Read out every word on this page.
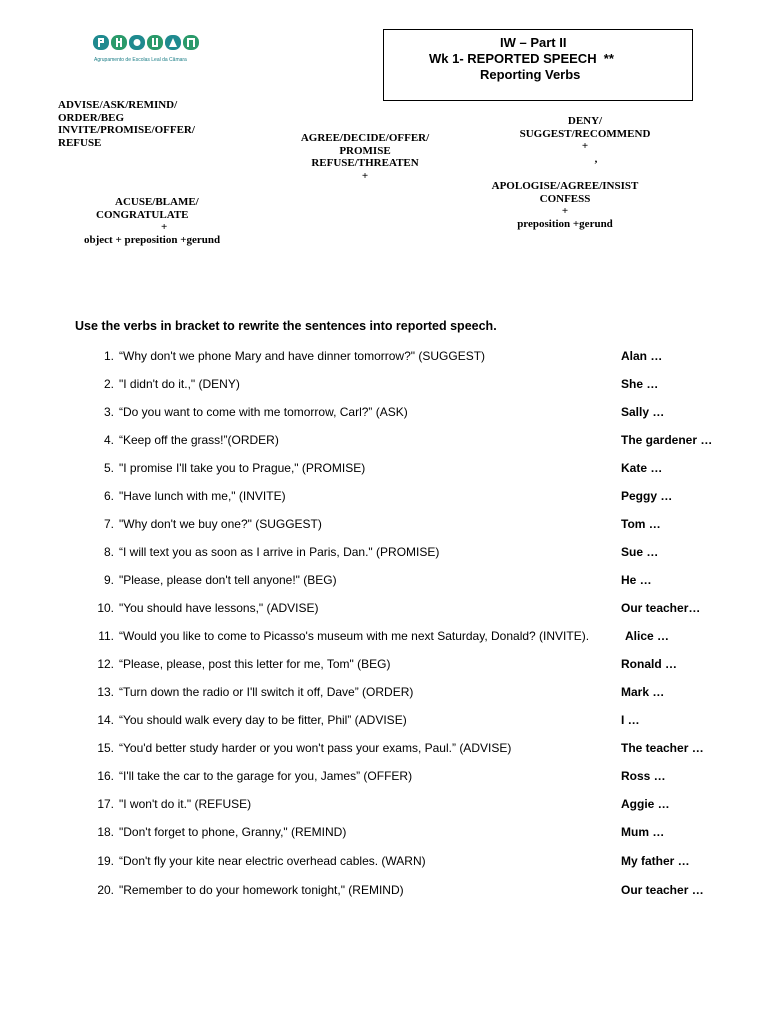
Agrupamento de Escolas Leal da Câmara
IW – Part II
Wk 1- REPORTED SPEECH  **
Reporting Verbs
ADVISE/ASK/REMIND/
ORDER/BEG
INVITE/PROMISE/OFFER/
REFUSE	AGREE/DECIDE/OFFER/
PROMISE
REFUSE/THREATEN
+
DENY/
SUGGEST/RECOMMEND
+
‚
APOLOGISE/AGREE/INSIST
CONFESS
+
preposition +gerund
ACUSE/BLAME/
CONGRATULATE
+
object + preposition +gerund
Use the verbs in bracket to rewrite the sentences into reported speech.
1. “Why don't we phone Mary and have dinner tomorrow?" (SUGGEST)	Alan …
2. "I didn't do it.," (DENY)	She …
3. “Do you want to come with me tomorrow, Carl?” (ASK)	Sally …
4. “Keep off the grass!”(ORDER)	The gardener …
5. "I promise I'll take you to Prague," (PROMISE)	Kate …
6. "Have lunch with me," (INVITE)	Peggy …
7. "Why don't we buy one?" (SUGGEST)	Tom …
8. “I will text you as soon as I arrive in Paris, Dan." (PROMISE)	Sue …
9. "Please, please don't tell anyone!" (BEG)	He …
10. "You should have lessons," (ADVISE)	Our teacher…
11. “Would you like to come to Picasso's museum with me next Saturday, Donald? (INVITE).	Alice …
12. “Please, please, post this letter for me, Tom" (BEG)	Ronald …
13. “Turn down the radio or I'll switch it off, Dave” (ORDER)	Mark …
14. “You should walk every day to be fitter, Phil” (ADVISE)	I …
15. “You'd better study harder or you won't pass your exams, Paul.” (ADVISE)	The teacher …
16. “I'll take the car to the garage for you, James” (OFFER)	Ross …
17. "I won't do it." (REFUSE)	Aggie …
18. "Don't forget to phone, Granny," (REMIND)	Mum …
19. “Don't fly your kite near electric overhead cables. (WARN)	My father …
20. "Remember to do your homework tonight," (REMIND)	Our teacher …
